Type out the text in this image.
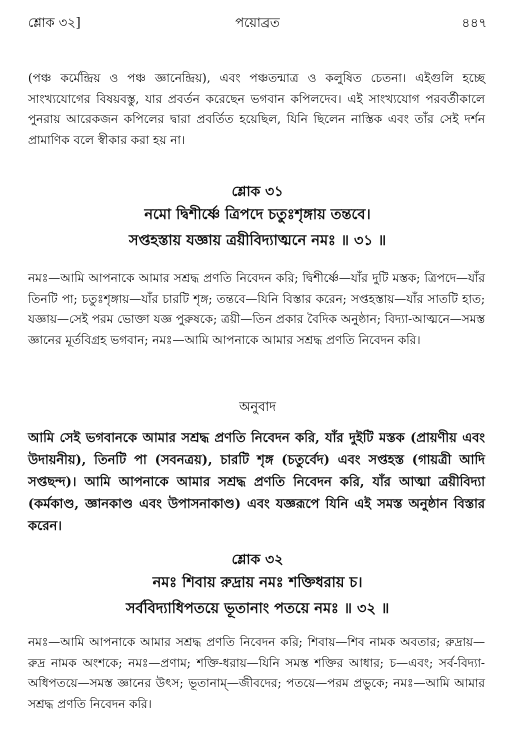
শ্লোক ৩২]	পয়োব্রত	৪৪৭
(পঞ্চ কর্মেন্দ্রিয় ও পঞ্চ জ্ঞানেন্দ্রিয়), এবং পঞ্চতন্মাত্র ও কলুষিত চেতনা। এইগুলি হচ্ছে সাংখ্যযোগের বিষয়বস্তু, যার প্রবর্তন করেছেন ভগবান কপিলদেব। এই সাংখ্যযোগ পরবর্তীকালে পুনরায় আরেকজন কপিলের দ্বারা প্রবর্তিত হয়েছিল, যিনি ছিলেন নাস্তিক এবং তাঁর সেই দর্শন প্রামাণিক বলে স্বীকার করা হয় না।
শ্লোক ৩১
নমো দ্বিশীর্ষ্ণে ত্রিপদে চতুঃশৃঙ্গায় তন্তবে।
সপ্তহস্তায় যজ্ঞায় ত্রয়ীবিদ্যাত্মনে নমঃ ॥ ৩১ ॥
নমঃ—আমি আপনাকে আমার সশ্রদ্ধ প্রণতি নিবেদন করি; দ্বিশীর্ষ্ণে—যাঁর দুটি মস্তক; ত্রিপদে—যাঁর তিনটি পা; চতুঃশৃঙ্গায়—যাঁর চারটি শৃঙ্গ; তন্তবে—যিনি বিস্তার করেন; সপ্তহস্তায়—যাঁর সাতটি হাত; যজ্ঞায়—সেই পরম ভোক্তা যজ্ঞ পুরুষকে; ত্রয়ী—তিন প্রকার বৈদিক অনুষ্ঠান; বিদ্যা-আত্মনে—সমস্ত জ্ঞানের মূর্তবিগ্রহ ভগবান; নমঃ—আমি আপনাকে আমার সশ্রদ্ধ প্রণতি নিবেদন করি।
অনুবাদ
আমি সেই ভগবানকে আমার সশ্রদ্ধ প্রণতি নিবেদন করি, যাঁর দুইটি মস্তক (প্রায়ণীয় এবং উদায়নীয়), তিনটি পা (সবনত্রয়), চারটি শৃঙ্গ (চতুর্বেদ) এবং সপ্তহস্ত (গায়ত্রী আদি সপ্তছন্দ)। আমি আপনাকে আমার সশ্রদ্ধ প্রণতি নিবেদন করি, যাঁর আত্মা ত্রয়ীবিদ্যা (কর্মকাণ্ড, জ্ঞানকাণ্ড এবং উপাসনাকাণ্ড) এবং যজ্ঞরূপে যিনি এই সমস্ত অনুষ্ঠান বিস্তার করেন।
শ্লোক ৩২
নমঃ শিবায় রুদ্রায় নমঃ শক্তিধরায় চ।
সর্ববিদ্যাধিপতয়ে ভূতানাং পতয়ে নমঃ ॥ ৩২ ॥
নমঃ—আমি আপনাকে আমার সশ্রদ্ধ প্রণতি নিবেদন করি; শিবায়—শিব নামক অবতার; রুদ্রায়—রুদ্র নামক অংশকে; নমঃ—প্রণাম; শক্তি-ধরায়—যিনি সমস্ত শক্তির আধার; চ—এবং; সর্ব-বিদ্যা-অধিপতয়ে—সমস্ত জ্ঞানের উৎস; ভূতানাম্—জীবদের; পতয়ে—পরম প্রভুকে; নমঃ—আমি আমার সশ্রদ্ধ প্রণতি নিবেদন করি।
